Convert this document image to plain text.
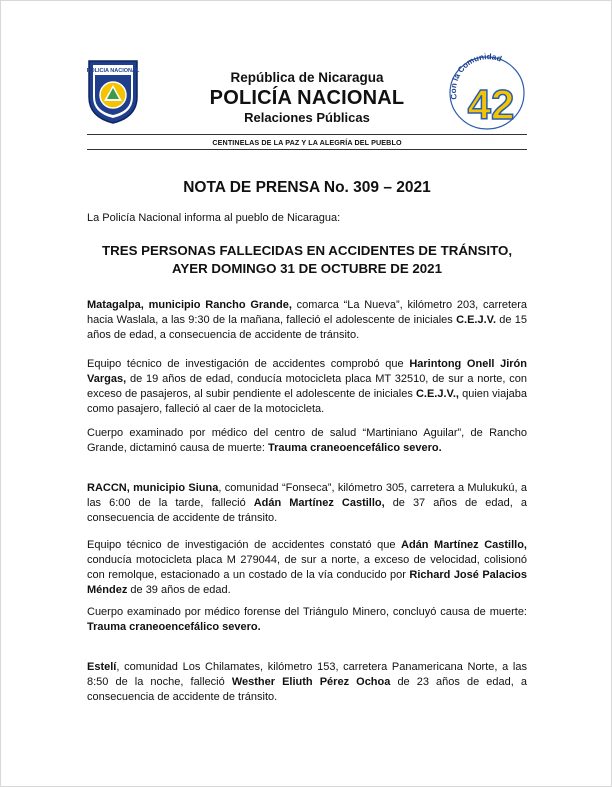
POLICIA NACIONAL	República de Nicaragua
POLICÍA NACIONAL
Relaciones Públicas
Con la Comunidad
42
CENTINELAS DE LA PAZ Y LA ALEGRÍA DEL PUEBLO
NOTA DE PRENSA No. 309 – 2021
La Policía Nacional informa al pueblo de Nicaragua:
TRES PERSONAS FALLECIDAS EN ACCIDENTES DE TRÁNSITO,
AYER DOMINGO 31 DE OCTUBRE DE 2021

Matagalpa, municipio Rancho Grande, comarca “La Nueva”, kilómetro 203, carretera hacia Waslala, a las 9:30 de la mañana, falleció el adolescente de iniciales C.E.J.V. de 15 años de edad, a consecuencia de accidente de tránsito.

Equipo técnico de investigación de accidentes comprobó que Harintong Onell Jirón Vargas, de 19 años de edad, conducía motocicleta placa MT 32510, de sur a norte, con exceso de pasajeros, al subir pendiente el adolescente de iniciales C.E.J.V., quien viajaba como pasajero, falleció al caer de la motocicleta.

Cuerpo examinado por médico del centro de salud “Martiniano Aguilar”, de Rancho Grande, dictaminó causa de muerte: Trauma craneoencefálico severo.

RACCN, municipio Siuna, comunidad “Fonseca”, kilómetro 305, carretera a Mulukukú, a las 6:00 de la tarde, falleció Adán Martínez Castillo, de 37 años de edad, a consecuencia de accidente de tránsito.

Equipo técnico de investigación de accidentes constató que Adán Martínez Castillo, conducía motocicleta placa M 279044, de sur a norte, a exceso de velocidad, colisionó con remolque, estacionado a un costado de la vía conducido por Richard José Palacios Méndez de 39 años de edad.

Cuerpo examinado por médico forense del Triángulo Minero, concluyó causa de muerte: Trauma craneoencefálico severo.

Estelí, comunidad Los Chilamates, kilómetro 153, carretera Panamericana Norte, a las 8:50 de la noche, falleció Westher Eliuth Pérez Ochoa de 23 años de edad, a consecuencia de accidente de tránsito.
